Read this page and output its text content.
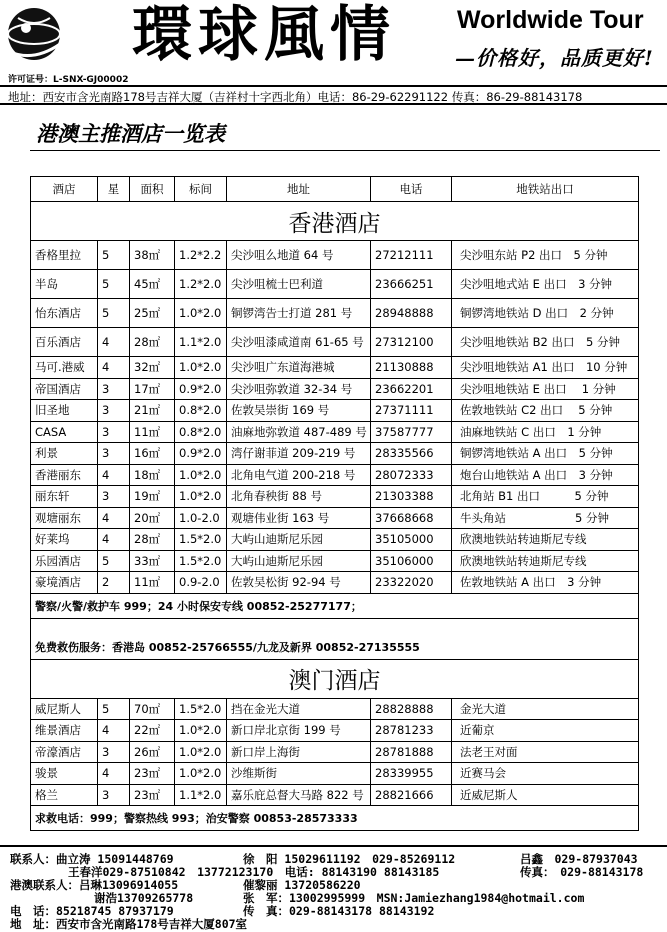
環球風情 Worldwide Tour
—价格好，品质更好!
许可证号：L-SNX-GJ00002
地址：西安市含光南路178号吉祥大厦（吉祥村十字西北角）电话：86-29-62291122 传真：86-29-88143178
港澳主推酒店一览表
酒店	星	面积	标间	地址	电话	地铁站出口
香港酒店						
香格里拉	5	38㎡	1.2*2.2	尖沙咀么地道 64 号	27212111	尖沙咀东站 P2 出口　5 分钟
半岛	5	45㎡	1.2*2.0	尖沙咀梳士巴利道	23666251	尖沙咀地式站 E 出口　3 分钟
怡东酒店	5	25㎡	1.0*2.0	铜锣湾告士打道 281 号	28948888	铜锣湾地铁站 D 出口　2 分钟
百乐酒店	4	28㎡	1.1*2.0	尖沙咀漆咸道南 61-65 号	27312100	尖沙咀地铁站 B2 出口　5 分钟
马可.港威	4	32㎡	1.0*2.0	尖沙咀广东道海港城	21130888	尖沙咀地铁站 A1 出口　10 分钟
帝国酒店	3	17㎡	0.9*2.0	尖沙咀弥敦道 32-34 号	23662201	尖沙咀地铁站 E 出口　 1 分钟
旧圣地	3	21㎡	0.8*2.0	佐敦吴崇街 169 号	27371111	佐敦地铁站 C2 出口　 5 分钟
CASA	3	11㎡	0.8*2.0	油麻地弥敦道 487-489 号	37587777	油麻地铁站 C 出口　1 分钟
利景	3	16㎡	0.9*2.0	湾仔谢菲道 209-219 号	28335566	铜锣湾地铁站 A 出口　5 分钟
香港丽东	4	18㎡	1.0*2.0	北角电气道 200-218 号	28072333	炮台山地铁站 A 出口　3 分钟
丽东轩	3	19㎡	1.0*2.0	北角春秧街 88 号	21303388	北角站 B1 出口　　　5 分钟
观塘丽东	4	20㎡	1.0-2.0	观塘伟业街 163 号	37668668	牛头角站　　　　　　5 分钟
好莱坞	4	28㎡	1.5*2.0	大屿山迪斯尼乐园	35105000	欣澳地铁站转迪斯尼专线
乐园酒店	5	33㎡	1.5*2.0	大屿山迪斯尼乐园	35106000	欣澳地铁站转迪斯尼专线
豪境酒店	2	11㎡	0.9-2.0	佐敦吴松街 92-94 号	23322020	佐敦地铁站 A 出口　3 分钟
警察/火警/救护车 999；24 小时保安专线 00852-25277177；						
免费救伤服务：香港岛 00852-25766555/九龙及新界 00852-27135555						
澳门酒店						
威尼斯人	5	70㎡	1.5*2.0	挡在金光大道	28828888	金光大道
维景酒店	4	22㎡	1.0*2.0	新口岸北京街 199 号	28781233	近葡京
帝濠酒店	3	26㎡	1.0*2.0	新口岸上海街	28781888	法老王对面
骏景	4	23㎡	1.0*2.0	沙维斯街	28339955	近赛马会
格兰	3	23㎡	1.1*2.0	嘉乐庇总督大马路 822 号	28821666	近威尼斯人
求救电话：999；警察热线 993；治安警察 00853-28573333						
联系人：曲立涛 15091448769	徐　阳 15029611192　029-85269112	吕鑫　029-87937043
王春洋029-87510842　13772123170　电话: 88143190 88143185	传真：　029-88143178
港澳联系人：吕琳13096914055	催黎丽 13720586220
谢浩13709265778	张　军：13002995999　MSN:Jamiezhang1984@hotmail.com
电　话：85218745 87937179	传　真：029-88143178 88143192
地　址：西安市含光南路178号吉祥大厦807室
